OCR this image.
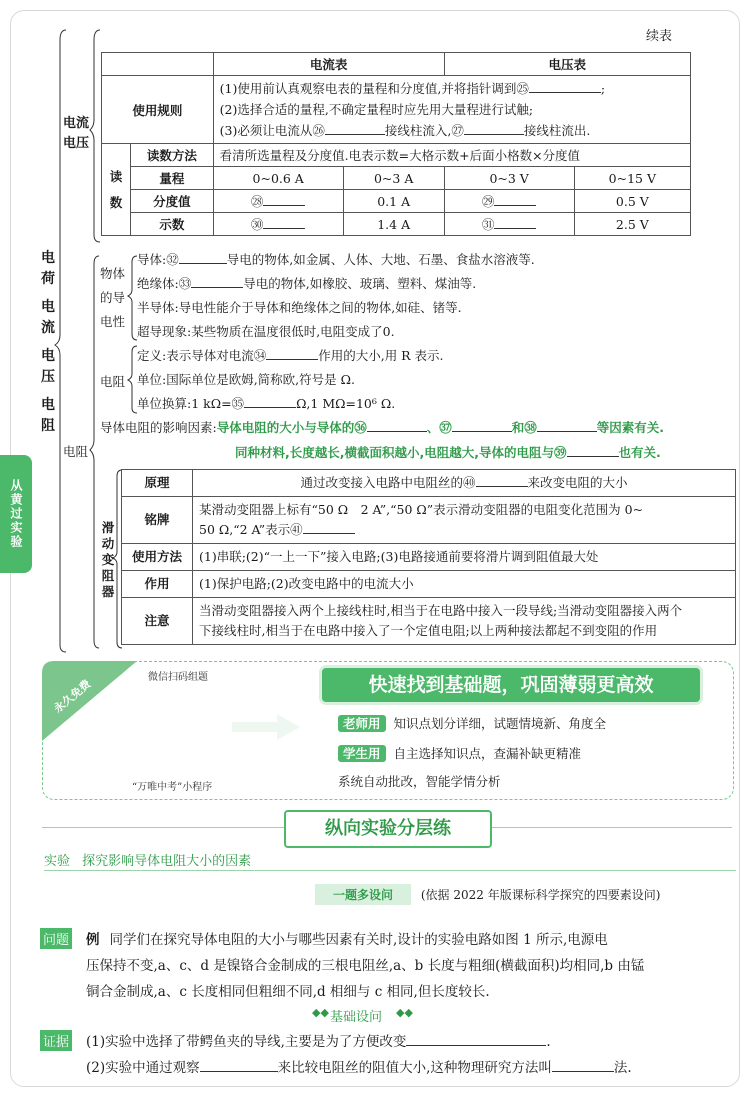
从黄过实验
续表
电
荷
电
流
电
压
电
阻
电流
电压
		电流表		电压表	
使用规则		(1)使用前认真观察电表的量程和分度值,并将指针调到㉕ ;
(2)选择合适的量程,不确定量程时应先用大量程进行试触;
(3)必须让电流从㉖ 接线柱流入,㉗ 接线柱流出.			

读
数	读数方法	看清所选量程及分度值.电表示数=大格示数+后面小格数×分度值			
	量程	0~0.6 A	0~3 A	0~3 V	0~15 V
	分度值	㉘	0.1 A	㉙	0.5 V
	示数	㉚	1.4 A	㉛	2.5 V
物体
的导
电性
导体:㉜	导电的物体,如金属、人体、大地、石墨、食盐水溶液等.
绝缘体:㉝	导电的物体,如橡胶、玻璃、塑料、煤油等.
半导体:导电性能介于导体和绝缘体之间的物体,如硅、锗等.
超导现象:某些物质在温度很低时,电阻变成了0.
电阻
定义:表示导体对电流㉞	作用的大小,用 R 表示.
单位:国际单位是欧姆,简称欧,符号是 Ω.
单位换算:1 kΩ=㉟	Ω,1 MΩ=10⁶ Ω.
导体电阻的影响因素:导体电阻的大小与导体的㊱	、㊲	和㊳	等因素有关.
同种材料,长度越长,横截面积越小,电阻越大,导体的电阻与㊴	也有关.
电阻
滑
动
变
阻
器
原理	通过改变接入电路中电阻丝的㊵ 来改变电阻的大小
铭牌	某滑动变阻器上标有“50 Ω　2 A”,“50 Ω”表示滑动变阻器的电阻变化范围为 0~
50 Ω,“2 A”表示㊶

使用方法	(1)串联;(2)“一上一下”接入电路;(3)电路接通前要将滑片调到阻值最大处
作用	(1)保护电路;(2)改变电路中的电流大小
注意	当滑动变阻器接入两个上接线柱时,相当于在电路中接入一段导线;当滑动变阻器接入两个
下接线柱时,相当于在电路中接入了一个定值电阻;以上两种接法都起不到变阻的作用
永久免费	微信扫码组题
“万唯中考”小程序
快速找到基础题，巩固薄弱更高效
老师用 知识点划分详细，试题情境新、角度全
学生用 自主选择知识点，查漏补缺更精准
系统自动批改，智能学情分析
纵向实验分层练
实验 探究影响导体电阻大小的因素
一题多设问 (依据 2022 年版课标科学探究的四要素设问)
问题 例 同学们在探究导体电阻的大小与哪些因素有关时,设计的实验电路如图 1 所示,电源电
压保持不变,a、c、d 是镍铬合金制成的三根电阻丝,a、b 长度与粗细(横截面积)均相同,b 由锰
铜合金制成,a、c 长度相同但粗细不同,d 相细与 c 相同,但长度较长.
基础设问
◆◆	◆◆
证据 (1)实验中选择了带鳄鱼夹的导线,主要是为了方便改变	.
(2)实验中通过观察	来比较电阻丝的阻值大小,这种物理研究方法叫	法.
